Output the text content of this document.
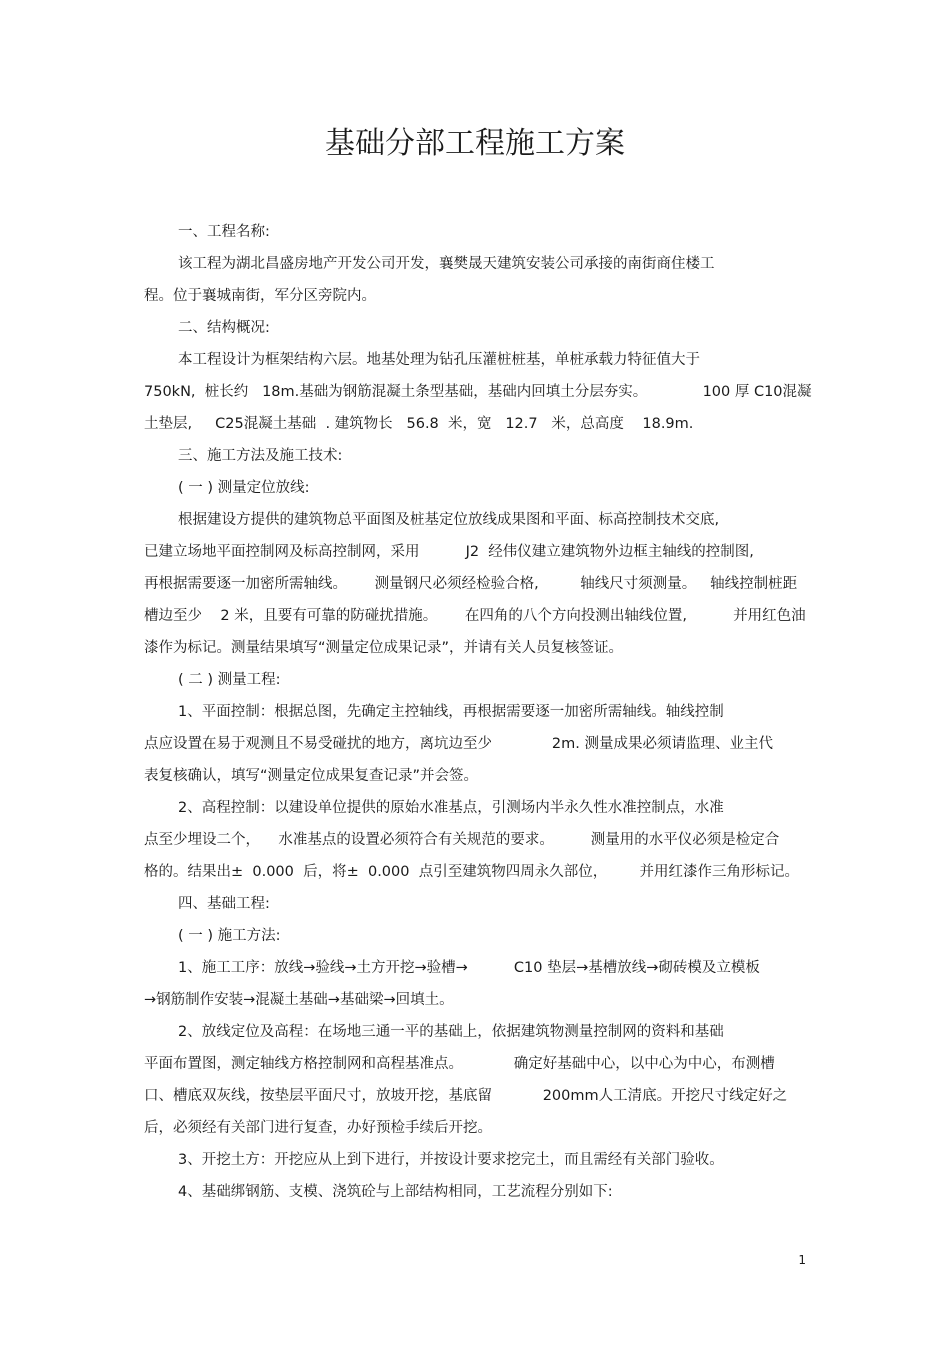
基础分部工程施工方案
一、工程名称:
该工程为湖北昌盛房地产开发公司开发，襄樊晟天建筑安装公司承接的南街商住楼工
程。位于襄城南街，军分区旁院内。
二、结构概况:
本工程设计为框架结构六层。地基处理为钻孔压灌桩桩基，单桩承载力特征值大于
750kN,  桩长约   18m.基础为钢筋混凝土条型基础，基础内回填土分层夯实。            100 厚 C10混凝
土垫层,     C25混凝土基础  . 建筑物长   56.8  米，宽   12.7   米，总高度    18.9m.
三、施工方法及施工技术:
( 一 ) 测量定位放线:
根据建设方提供的建筑物总平面图及桩基定位放线成果图和平面、标高控制技术交底,
已建立场地平面控制网及标高控制网，采用          J2  经伟仪建立建筑物外边框主轴线的控制图,
再根据需要逐一加密所需轴线。      测量钢尺必须经检验合格,         轴线尺寸须测量。   轴线控制桩距
槽边至少    2 米，且要有可靠的防碰扰措施。      在四角的八个方向投测出轴线位置,          并用红色油
漆作为标记。测量结果填写“测量定位成果记录”，并请有关人员复核签证。
( 二 ) 测量工程:
1、平面控制：根据总图，先确定主控轴线，再根据需要逐一加密所需轴线。轴线控制
点应设置在易于观测且不易受碰扰的地方，离坑边至少             2m. 测量成果必须请监理、业主代
表复核确认，填写“测量定位成果复查记录”并会签。
2、高程控制：以建设单位提供的原始水准基点，引测场内半永久性水准控制点，水准
点至少埋设二个，    水准基点的设置必须符合有关规范的要求。        测量用的水平仪必须是检定合
格的。结果出±  0.000  后，将±  0.000  点引至建筑物四周永久部位，       并用红漆作三角形标记。
四、基础工程:
( 一 ) 施工方法:
1、施工工序：放线→验线→土方开挖→验槽→          C10 垫层→基槽放线→砌砖模及立模板
→钢筋制作安装→混凝土基础→基础梁→回填土。
2、放线定位及高程：在场地三通一平的基础上，依据建筑物测量控制网的资料和基础
平面布置图，测定轴线方格控制网和高程基准点。           确定好基础中心，以中心为中心，布测槽
口、槽底双灰线，按垫层平面尺寸，放坡开挖，基底留           200mm人工清底。开挖尺寸线定好之
后，必须经有关部门进行复查，办好预检手续后开挖。
3、开挖土方：开挖应从上到下进行，并按设计要求挖完土，而且需经有关部门验收。
4、基础绑钢筋、支模、浇筑砼与上部结构相同，工艺流程分别如下:
1
